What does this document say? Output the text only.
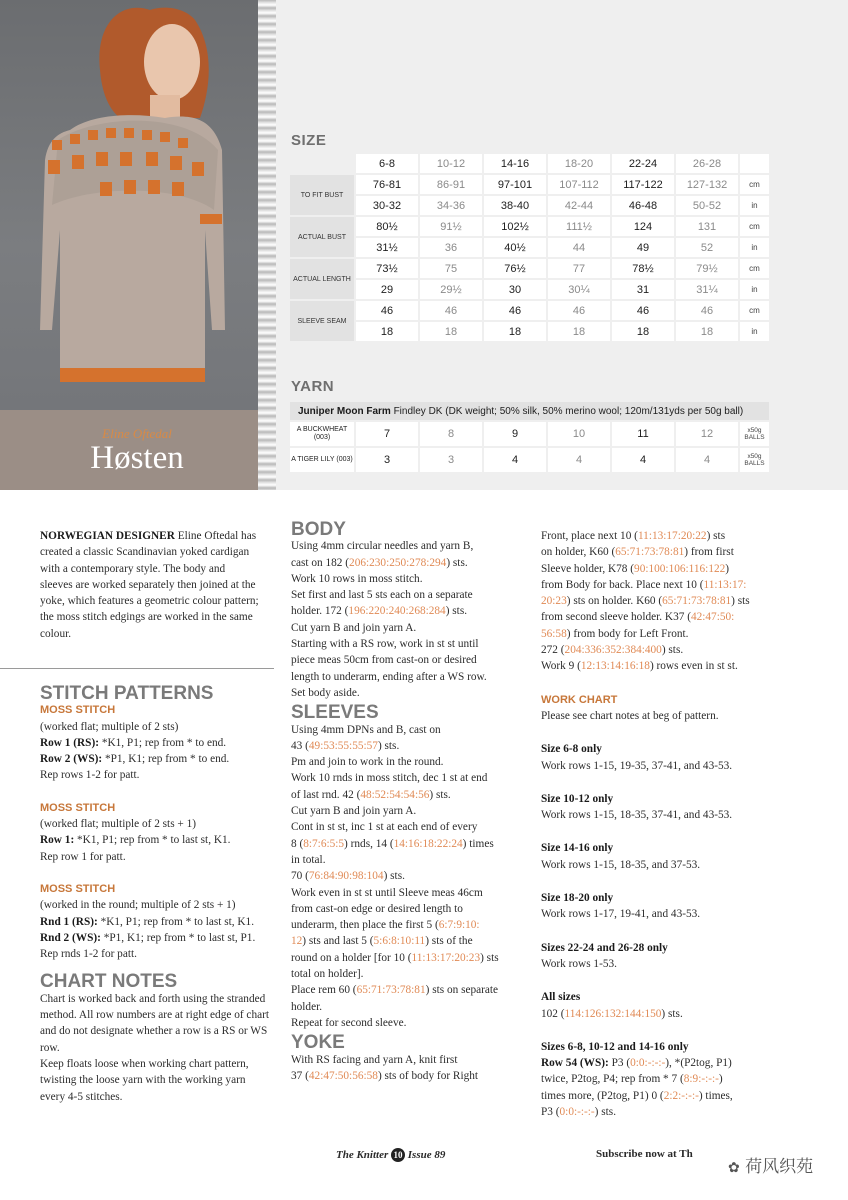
Eline Oftedal
Høsten
SIZE
	6-8	10-12	14-16	18-20	22-24	26-28	
TO FIT BUST	76-81	86-91	97-101	107-112	117-122	127-132	cm
	30-32	34-36	38-40	42-44	46-48	50-52	in
ACTUAL BUST	80½	91½	102½	111½	124	131	cm
	31½	36	40½	44	49	52	in
ACTUAL LENGTH	73½	75	76½	77	78½	79½	cm
	29	29½	30	30¼	31	31¼	in
SLEEVE SEAM	46	46	46	46	46	46	cm
	18	18	18	18	18	18	in
YARN
Juniper Moon Farm Findley DK (DK weight; 50% silk, 50% merino wool; 120m/131yds per 50g ball)							
A BUCKWHEAT (003)	7	8	9	10	11	12	x50g BALLS
A TIGER LILY (003)	3	3	4	4	4	4	x50g BALLS
NORWEGIAN DESIGNER Eline Oftedal has created a classic Scandinavian yoked cardigan with a contemporary style. The body and sleeves are worked separately then joined at the yoke, which features a geometric colour pattern; the moss stitch edgings are worked in the same colour.
STITCH PATTERNS
MOSS STITCH
(worked flat; multiple of 2 sts)
Row 1 (RS): *K1, P1; rep from * to end.
Row 2 (WS): *P1, K1; rep from * to end.
Rep rows 1-2 for patt.
MOSS STITCH
(worked flat; multiple of 2 sts + 1)
Row 1: *K1, P1; rep from * to last st, K1.
Rep row 1 for patt.
MOSS STITCH
(worked in the round; multiple of 2 sts + 1)
Rnd 1 (RS): *K1, P1; rep from * to last st, K1.
Rnd 2 (WS): *P1, K1; rep from * to last st, P1.
Rep rnds 1-2 for patt.
CHART NOTES
Chart is worked back and forth using the stranded method. All row numbers are at right edge of chart and do not designate whether a row is a RS or WS row.
Keep floats loose when working chart pattern, twisting the loose yarn with the working yarn every 4-5 stitches.
BODY
Using 4mm circular needles and yarn B,
cast on 182 (206:230:250:278:294) sts.
Work 10 rows in moss stitch.
Set first and last 5 sts each on a separate
holder. 172 (196:220:240:268:284) sts.
Cut yarn B and join yarn A.
Starting with a RS row, work in st st until
piece meas 50cm from cast-on or desired
length to underarm, ending after a WS row.
Set body aside.
SLEEVES
Using 4mm DPNs and B, cast on
43 (49:53:55:55:57) sts.
Pm and join to work in the round.
Work 10 rnds in moss stitch, dec 1 st at end
of last rnd. 42 (48:52:54:54:56) sts.
Cut yarn B and join yarn A.
Cont in st st, inc 1 st at each end of every
8 (8:7:6:5:5) rnds, 14 (14:16:18:22:24) times
in total.
70 (76:84:90:98:104) sts.
Work even in st st until Sleeve meas 46cm
from cast-on edge or desired length to
underarm, then place the first 5 (6:7:9:10:
12) sts and last 5 (5:6:8:10:11) sts of the
round on a holder [for 10 (11:13:17:20:23) sts
total on holder].
Place rem 60 (65:71:73:78:81) sts on separate
holder.
Repeat for second sleeve.
YOKE
With RS facing and yarn A, knit first
37 (42:47:50:56:58) sts of body for Right
Front, place next 10 (11:13:17:20:22) sts
on holder, K60 (65:71:73:78:81) from first
Sleeve holder, K78 (90:100:106:116:122)
from Body for back. Place next 10 (11:13:17:
20:23) sts on holder. K60 (65:71:73:78:81) sts
from second sleeve holder. K37 (42:47:50:
56:58) from body for Left Front.
272 (204:336:352:384:400) sts.
Work 9 (12:13:14:16:18) rows even in st st.
WORK CHART
Please see chart notes at beg of pattern.
Size 6-8 only
Work rows 1-15, 19-35, 37-41, and 43-53.
Size 10-12 only
Work rows 1-15, 18-35, 37-41, and 43-53.
Size 14-16 only
Work rows 1-15, 18-35, and 37-53.
Size 18-20 only
Work rows 1-17, 19-41, and 43-53.
Sizes 22-24 and 26-28 only
Work rows 1-53.
All sizes
102 (114:126:132:144:150) sts.
Sizes 6-8, 10-12 and 14-16 only
Row 54 (WS): P3 (0:0:-:-:-), *(P2tog, P1)
twice, P2tog, P4; rep from * 7 (8:9:-:-:-)
times more, (P2tog, P1) 0 (2:2:-:-:-) times,
P3 (0:0:-:-:-) sts.
The Knitter 10 Issue 89	Subscribe now at Th
✿ 荷风织苑
